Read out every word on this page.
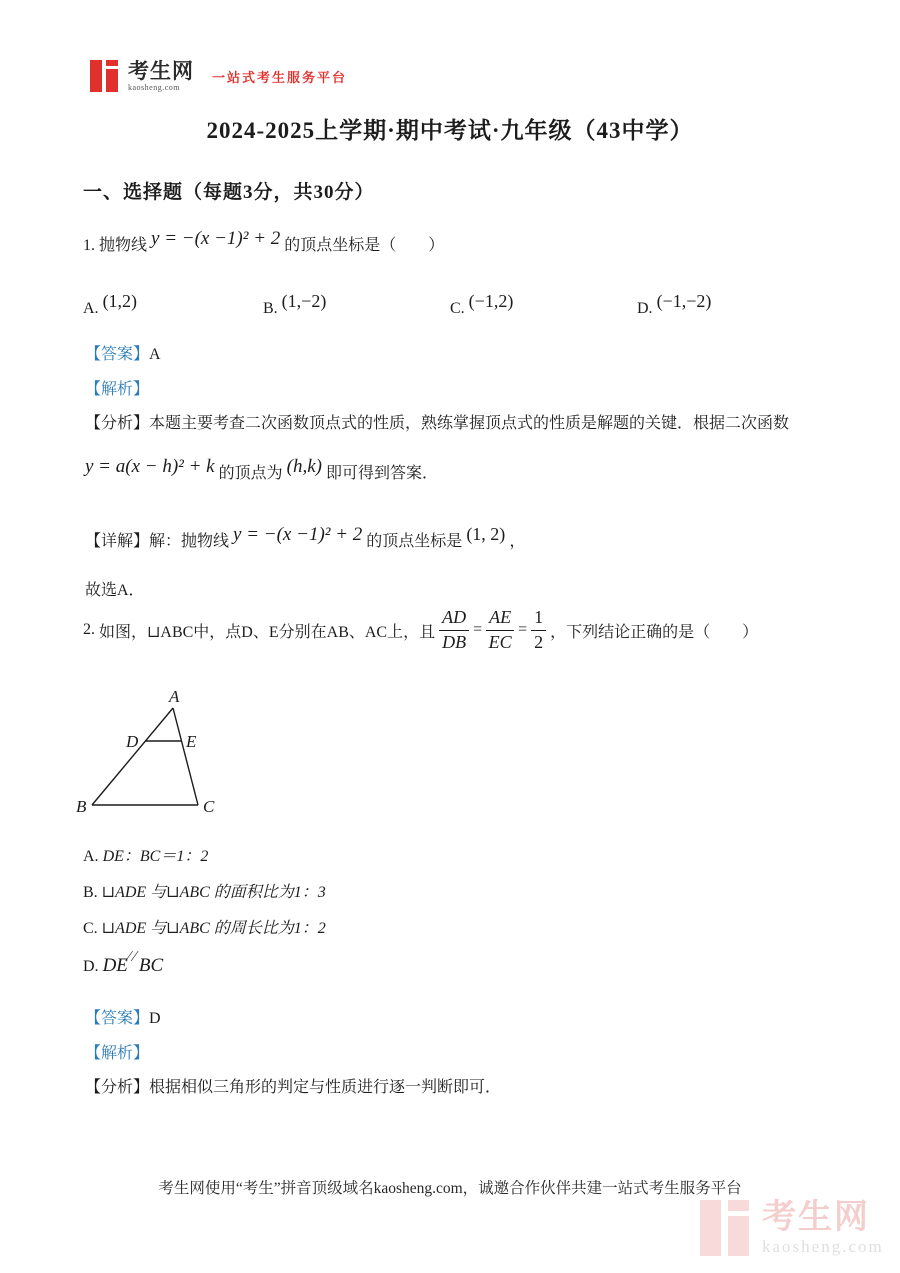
考生网
kaosheng.com
一站式考生服务平台
2024-2025上学期·期中考试·九年级（43中学）
一、选择题（每题3分，共30分）
1. 抛物线 y = −(x −1)² + 2 的顶点坐标是（　　）
A. (1,2)	B. (1,−2)	C. (−1,2)	D. (−1,−2)
【答案】A
【解析】
【分析】本题主要考查二次函数顶点式的性质，熟练掌握顶点式的性质是解题的关键．根据二次函数
y = a(x − h)² + k 的顶点为 (h,k) 即可得到答案．
【详解】解：抛物线 y = −(x −1)² + 2 的顶点坐标是 (1, 2) ，
故选A．
2. 如图，⊔ABC中，点D、E分别在AB、AC上，且 $\frac{AD}{DB} = \frac{AE}{EC} = \frac{1}{2}$ ，下列结论正确的是（　　）
A
D	E
B	C
A. DE：BC＝1：2
B. ⊔ADE 与⊔ABC 的面积比为1：3
C. ⊔ADE 与⊔ABC 的周长比为1：2
D. DE∕∕BC
【答案】D
【解析】
【分析】根据相似三角形的判定与性质进行逐一判断即可．
考生网使用“考生”拼音顶级域名kaosheng.com，诚邀合作伙伴共建一站式考生服务平台
考生网
kaosheng.com
